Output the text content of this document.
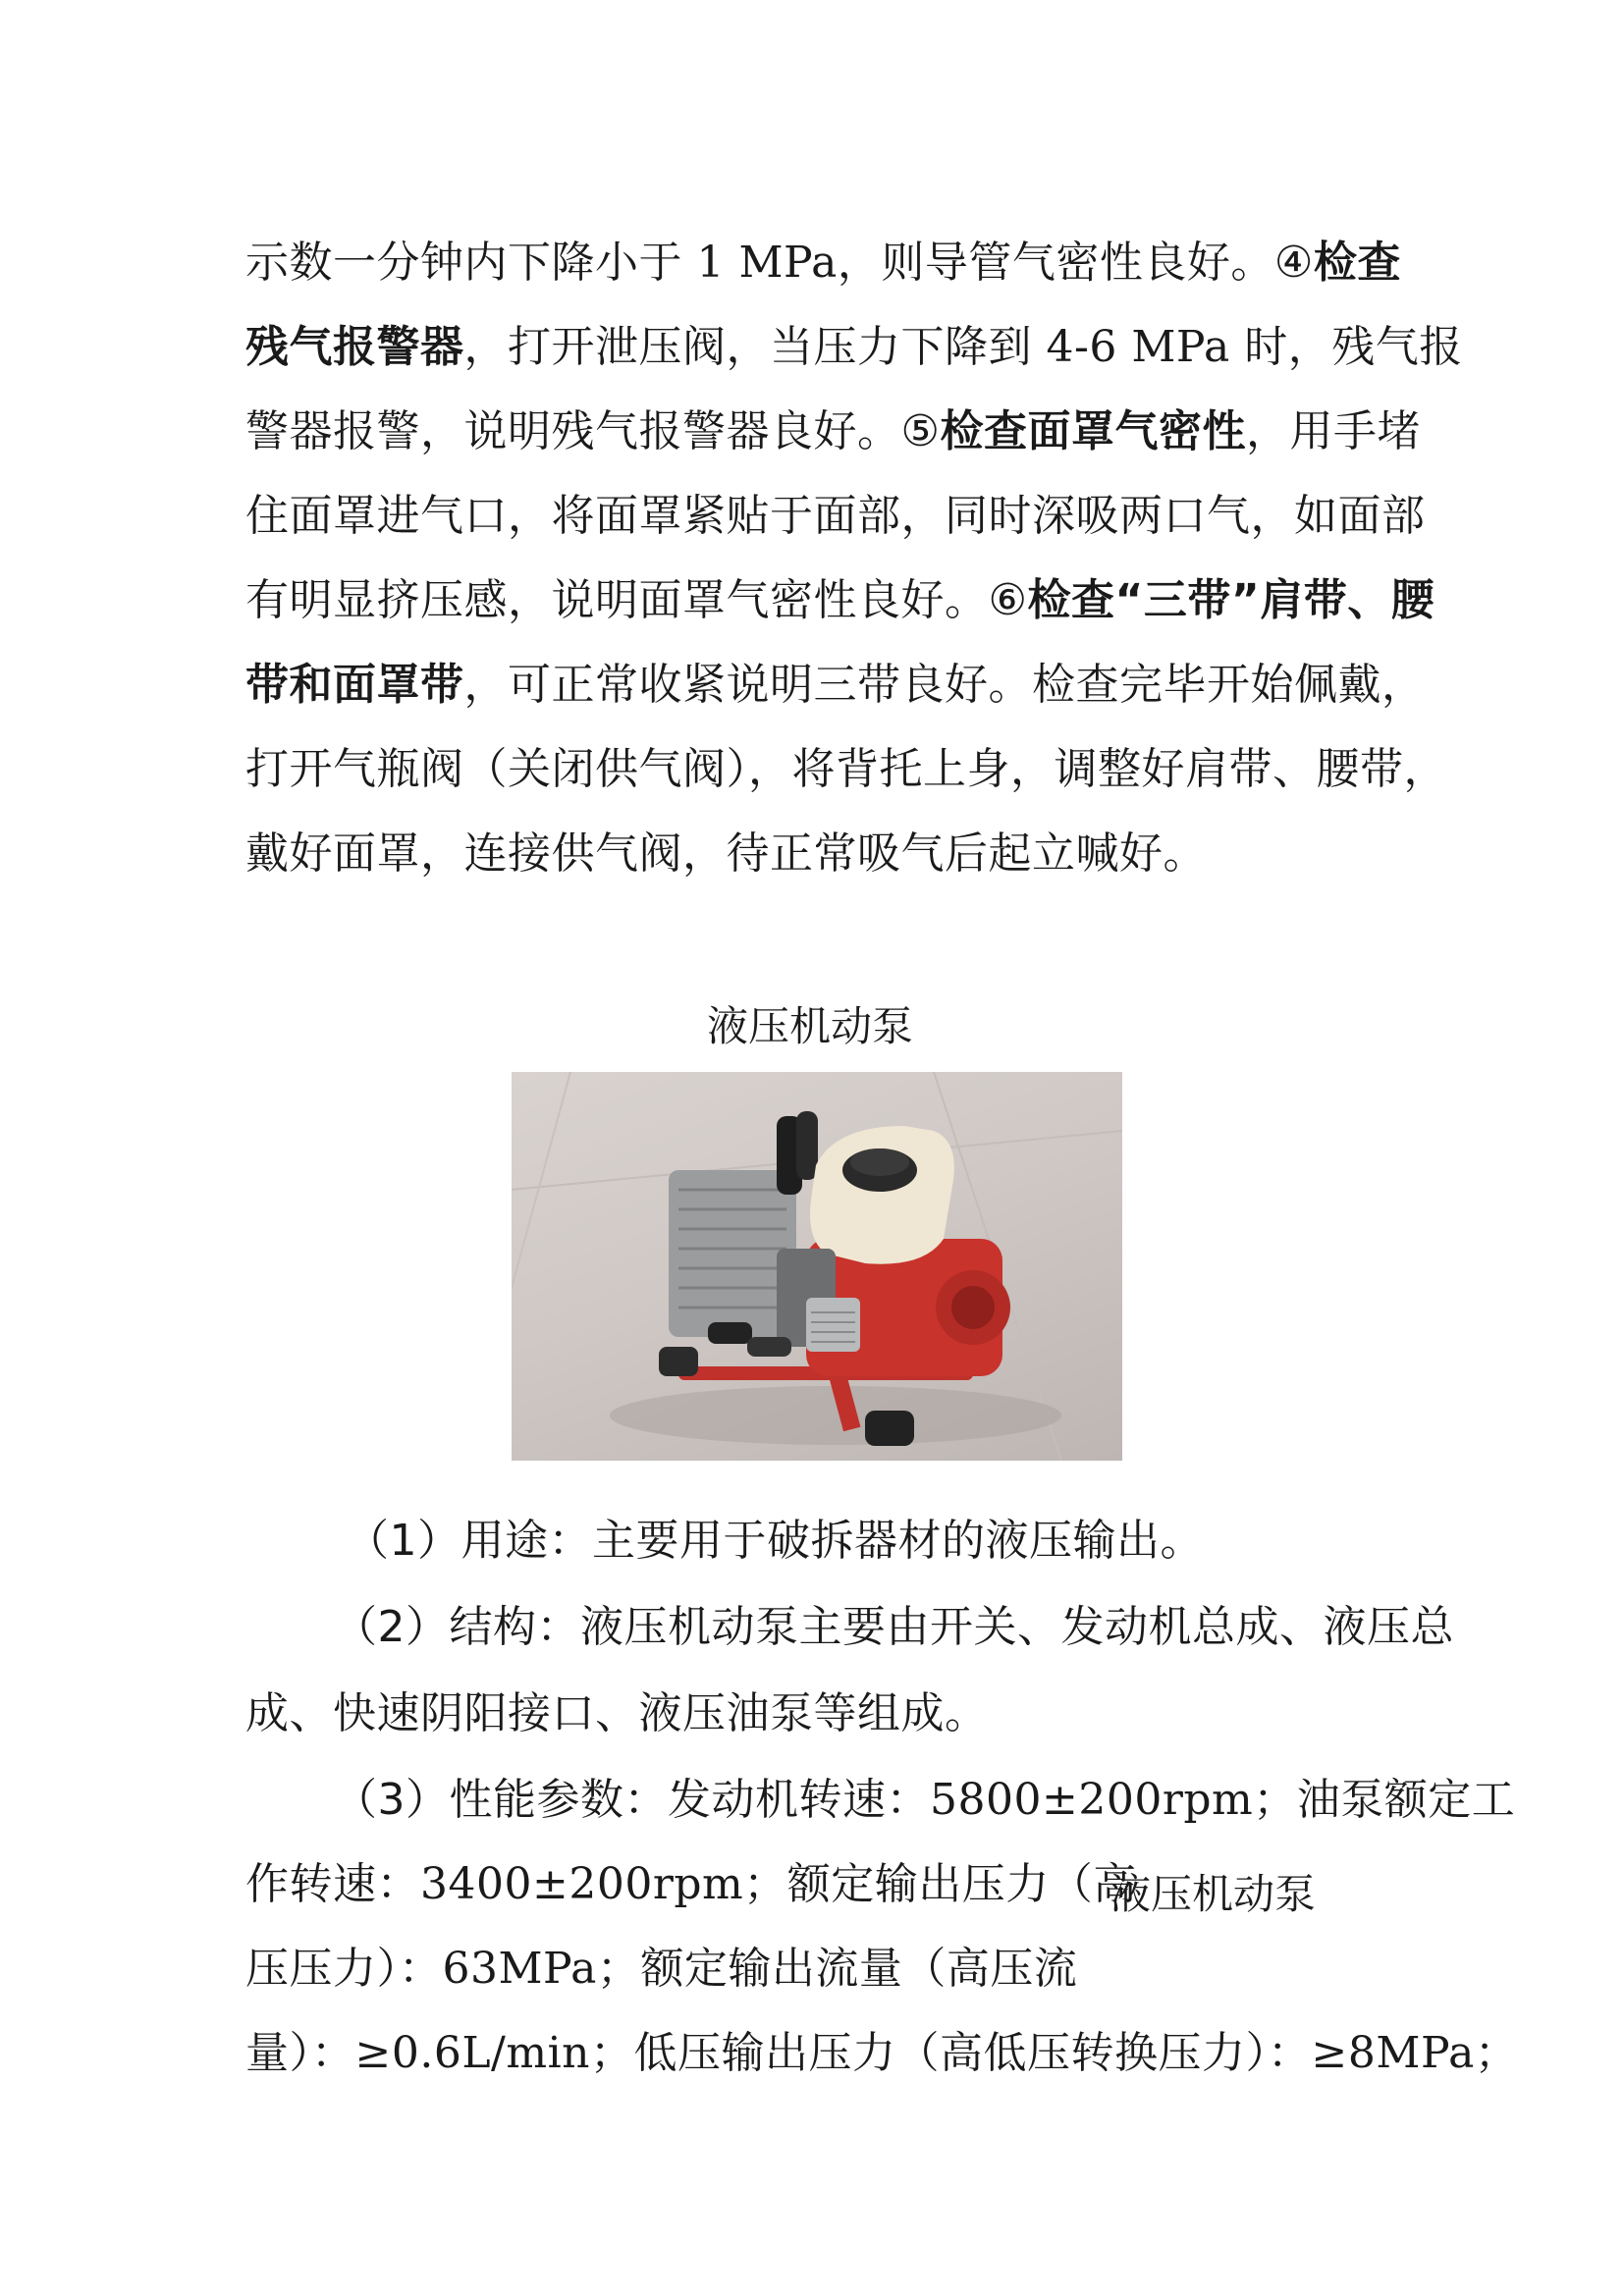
示数一分钟内下降小于 1 MPa，则导管气密性良好。④检查
残气报警器，打开泄压阀，当压力下降到 4-6 MPa 时，残气报
警器报警，说明残气报警器良好。⑤检查面罩气密性，用手堵
住面罩进气口，将面罩紧贴于面部，同时深吸两口气，如面部
有明显挤压感，说明面罩气密性良好。⑥检查“三带”肩带、腰
带和面罩带，可正常收紧说明三带良好。检查完毕开始佩戴，
打开气瓶阀（关闭供气阀），将背托上身，调整好肩带、腰带，
戴好面罩，连接供气阀，待正常吸气后起立喊好。
液压机动泵
（1）用途：主要用于破拆器材的液压输出。
（2）结构：液压机动泵主要由开关、发动机总成、液压总
成、快速阴阳接口、液压油泵等组成。
（3）性能参数：发动机转速：5800±200rpm；油泵额定工
作转速：3400±200rpm；额定输出压力（高
液压机动泵
压压力）：63MPa；额定输出流量（高压流
量）：≥0.6L/min；低压输出压力（高低压转换压力）：≥8MPa；
